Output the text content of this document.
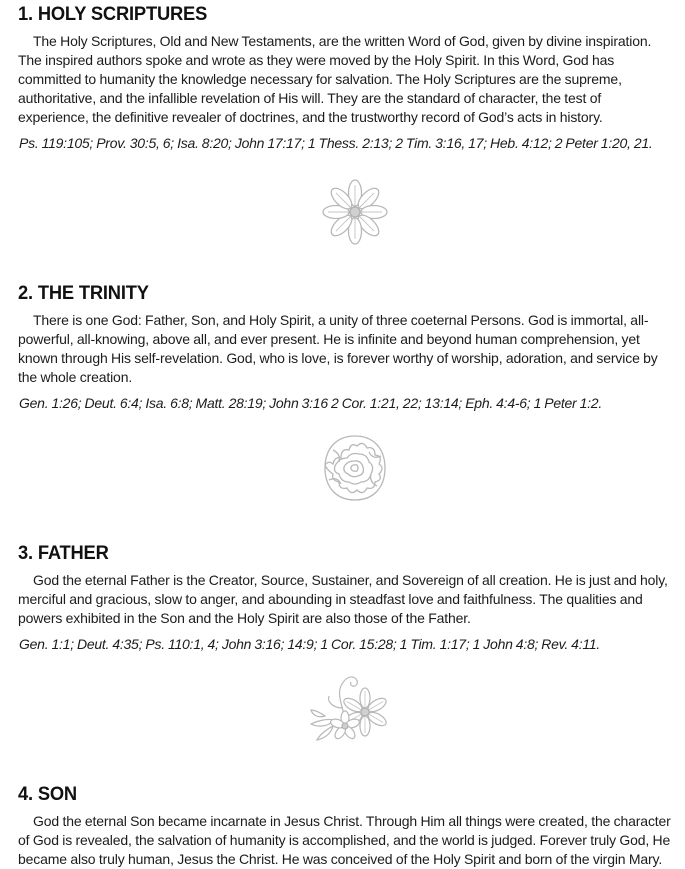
1. HOLY SCRIPTURES

The Holy Scriptures, Old and New Testaments, are the written Word of God, given by divine inspiration. The inspired authors spoke and wrote as they were moved by the Holy Spirit. In this Word, God has committed to humanity the knowledge necessary for salvation. The Holy Scriptures are the supreme, authoritative, and the infallible revelation of His will. They are the standard of character, the test of experience, the definitive revealer of doctrines, and the trustworthy record of God’s acts in history.

Ps. 119:105; Prov. 30:5, 6; Isa. 8:20; John 17:17; 1 Thess. 2:13; 2 Tim. 3:16, 17; Heb. 4:12; 2 Peter 1:20, 21.

2. THE TRINITY

There is one God: Father, Son, and Holy Spirit, a unity of three coeternal Persons. God is immortal, all-powerful, all-knowing, above all, and ever present. He is infinite and beyond human comprehension, yet known through His self-revelation. God, who is love, is forever worthy of worship, adoration, and service by the whole creation.

Gen. 1:26; Deut. 6:4; Isa. 6:8; Matt. 28:19; John 3:16 2 Cor. 1:21, 22; 13:14; Eph. 4:4-6; 1 Peter 1:2.

3. FATHER

God the eternal Father is the Creator, Source, Sustainer, and Sovereign of all creation. He is just and holy, merciful and gracious, slow to anger, and abounding in steadfast love and faithfulness. The qualities and powers exhibited in the Son and the Holy Spirit are also those of the Father.

Gen. 1:1; Deut. 4:35; Ps. 110:1, 4; John 3:16; 14:9; 1 Cor. 15:28; 1 Tim. 1:17; 1 John 4:8; Rev. 4:11.

4. SON

God the eternal Son became incarnate in Jesus Christ. Through Him all things were created, the character of God is revealed, the salvation of humanity is accomplished, and the world is judged. Forever truly God, He became also truly human, Jesus the Christ. He was conceived of the Holy Spirit and born of the virgin Mary.
